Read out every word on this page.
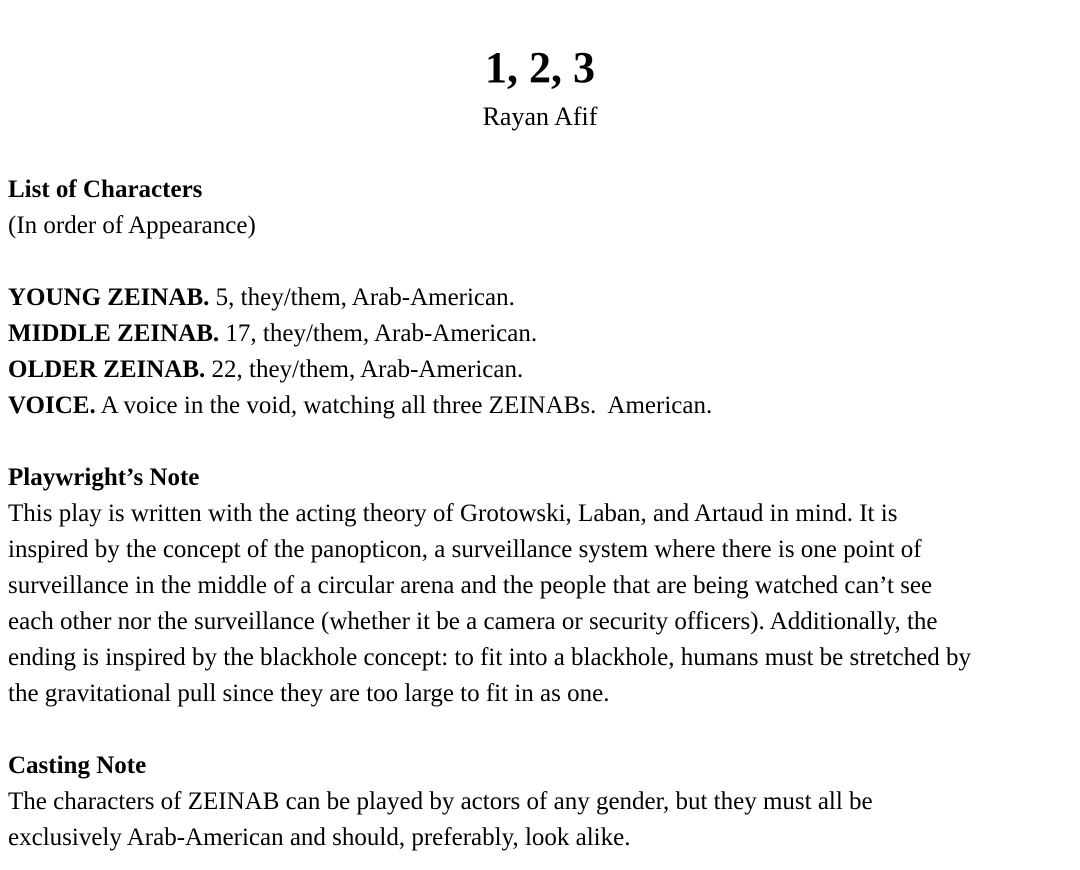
1, 2, 3
Rayan Afif
List of Characters
(In order of Appearance)
YOUNG ZEINAB. 5, they/them, Arab-American.
MIDDLE ZEINAB. 17, they/them, Arab-American.
OLDER ZEINAB. 22, they/them, Arab-American.
VOICE. A voice in the void, watching all three ZEINABs.  American.
Playwright’s Note
This play is written with the acting theory of Grotowski, Laban, and Artaud in mind. It is
inspired by the concept of the panopticon, a surveillance system where there is one point of
surveillance in the middle of a circular arena and the people that are being watched can’t see
each other nor the surveillance (whether it be a camera or security officers). Additionally, the
ending is inspired by the blackhole concept: to fit into a blackhole, humans must be stretched by
the gravitational pull since they are too large to fit in as one.
Casting Note
The characters of ZEINAB can be played by actors of any gender, but they must all be
exclusively Arab-American and should, preferably, look alike.
